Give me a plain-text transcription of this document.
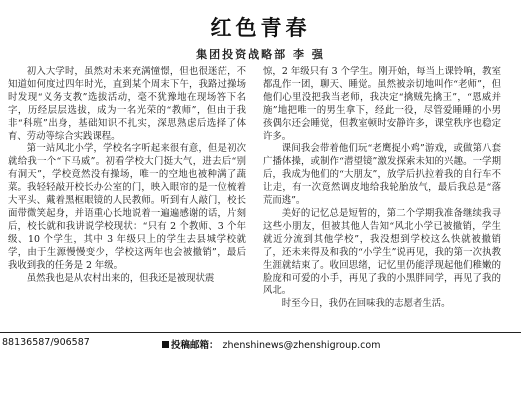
红色青春
集团投资战略部 李 强

初入大学时，虽然对未来充满憧憬，但也很迷茫，不知道如何度过四年时光，直到某个周末下午，我路过操场时发现“义务支教”选拔活动，毫不犹豫地在现场答下名字，历经层层选拔，成为一名光荣的“教师”，但由于我非“科班”出身，基础知识不扎实，深思熟虑后选择了体育、劳动等综合实践课程。

第一站风北小学，学校名字听起来很有意，但是初次就给我一个“下马威”。初看学校大门挺大气，进去后“别有洞天”，学校竟然没有操场，唯一的空地也被种满了蔬菜。我轻轻敲开校长办公室的门，映入眼帘的是一位梳着大平头、戴着黑框眼镜的人民教师。听到有人敲门，校长面带微笑起身，并语重心长地说着一遍遍感谢的话，片刻后，校长就和我讲说学校现状：“只有 2 个教师、3 个年级、10 个学生，其中 3 年级只上的学生去县城学校就学，由于生源慢慢变少，学校这两年也会被撤销”，最后我收到我的任务是 2 年级。

虽然我也是从农村出来的，但我还是被现状震

惊，2 年级只有 3 个学生。刚开始，每当上课铃响，教室都乱作一团，聊天、睡觉。虽然被亲切地叫作“老师”，但他们心里没把我当老师，我决定“擒贼先擒王”，“恩威并施”地把唯一的男生拿下，经此一役，尽管爱睡睡的小男孩偶尔还会睡觉，但教室顿时安静许多，课堂秩序也稳定许多。

课间我会带着他们玩“老鹰捉小鸡”游戏，或做第八套广播体操，或制作“潜望镜”激发探索未知的兴趣。一学期后，我成为他们的“大朋友”，放学后扒拉着我的自行车不让走，有一次竟然调皮地给我轮胎放气，最后我总是“落荒而逃”。

美好的记忆总是短暂的，第二个学期我准备继续我寻这些小朋友，但被其他人告知“风北小学已被撤销，学生就近分流到其他学校”，我没想到学校这么快就被撤销了，还未来得及和我的“小学生”说再见，我的第一次执教生涯就结束了。收回思绪，记忆里仍能浮现起他们稚嫩的脸庞和可爱的小手，再见了我的小黑胖同学，再见了我的风北。

时至今日，我仍在回味我的志愿者生活。

88136587/906587	投稿邮箱： zhenshinews@zhenshigroup.com
